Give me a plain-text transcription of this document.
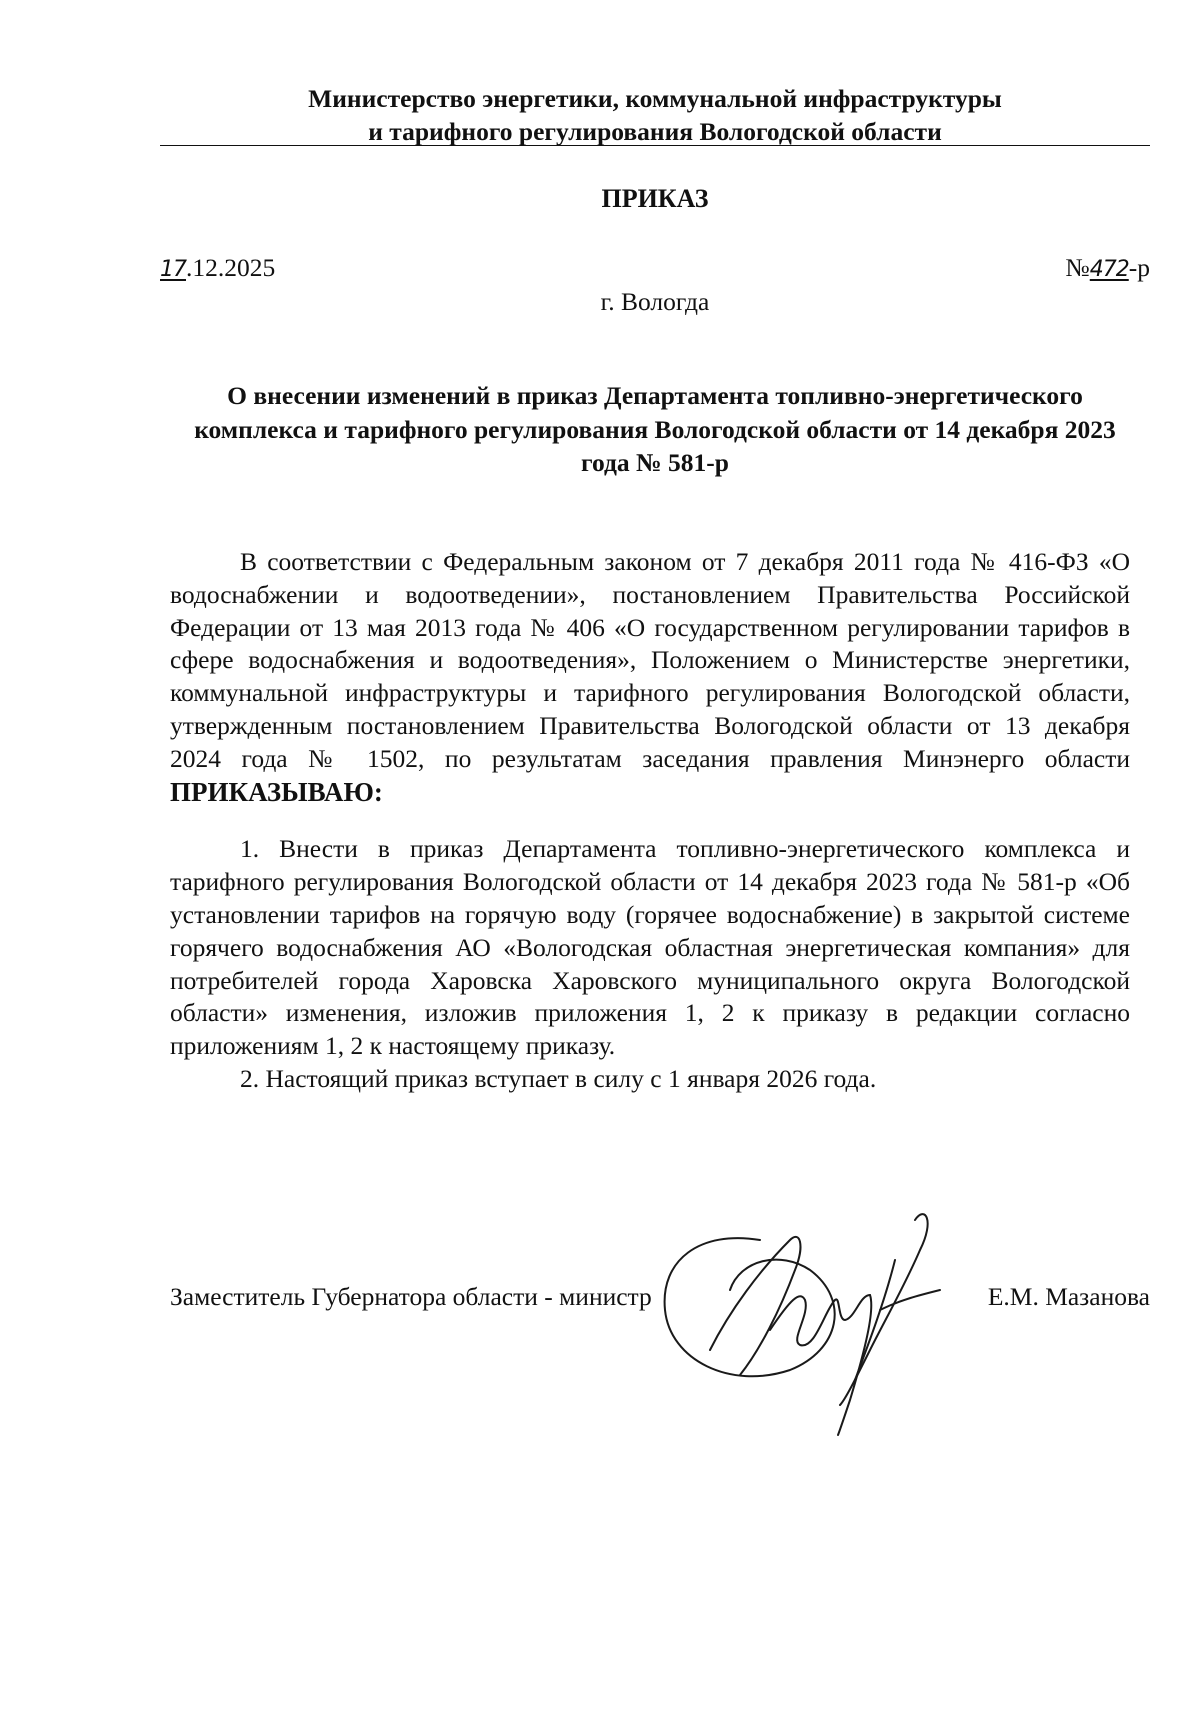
Министерство энергетики, коммунальной инфраструктуры
и тарифного регулирования Вологодской области
ПРИКАЗ
17.12.2025	№472-р
г. Вологда
О внесении изменений в приказ Департамента топливно-энергетического комплекса и тарифного регулирования Вологодской области от 14 декабря 2023 года № 581-р

В соответствии с Федеральным законом от 7 декабря 2011 года № 416-ФЗ «О водоснабжении и водоотведении», постановлением Правительства Российской Федерации от 13 мая 2013 года № 406 «О государственном регулировании тарифов в сфере водоснабжения и водоотведения», Положением о Министерстве энергетики, коммунальной инфраструктуры и тарифного регулирования Вологодской области, утвержденным постановлением Правительства Вологодской области от 13 декабря 2024 года № 1502, по результатам заседания правления Минэнерго области ПРИКАЗЫВАЮ:

1. Внести в приказ Департамента топливно-энергетического комплекса и тарифного регулирования Вологодской области от 14 декабря 2023 года № 581-р «Об установлении тарифов на горячую воду (горячее водоснабжение) в закрытой системе горячего водоснабжения АО «Вологодская областная энергетическая компания» для потребителей города Харовска Харовского муниципального округа Вологодской области» изменения, изложив приложения 1, 2 к приказу в редакции согласно приложениям 1, 2 к настоящему приказу.

2. Настоящий приказ вступает в силу с 1 января 2026 года.

Заместитель Губернатора области - министр	Е.М. Мазанова
